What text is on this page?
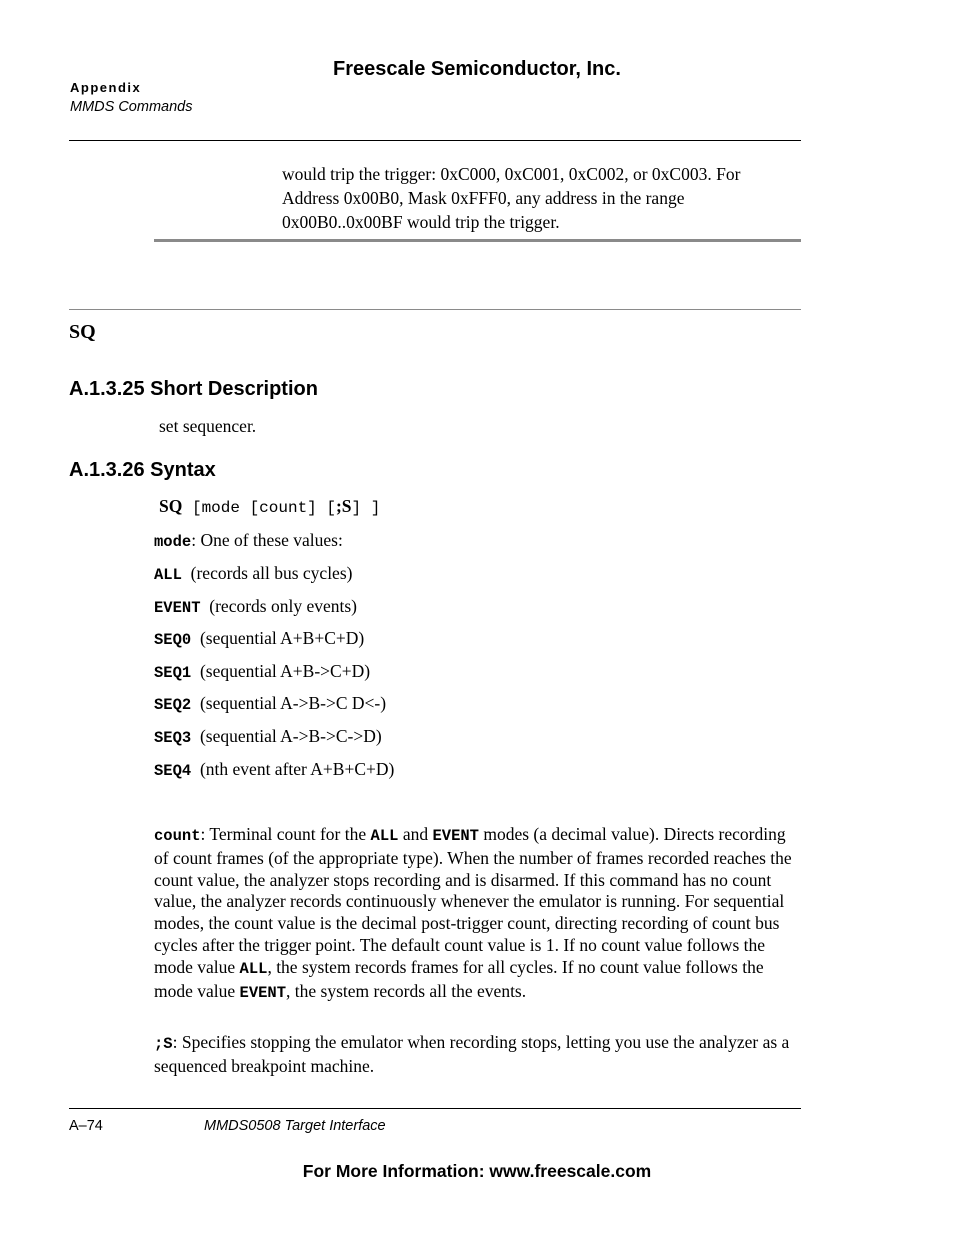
Freescale Semiconductor, Inc.
Appendix
MMDS Commands
would trip the trigger: 0xC000, 0xC001, 0xC002, or 0xC003. For
Address 0x00B0, Mask 0xFFF0, any address in the range
0x00B0..0x00BF would trip the trigger.
SQ
A.1.3.25 Short Description
set sequencer.
A.1.3.26 Syntax
SQ [mode [count] [;S] ]
mode: One of these values:
ALL  (records all bus cycles)
EVENT  (records only events)
SEQ0  (sequential A+B+C+D)
SEQ1  (sequential A+B->C+D)
SEQ2  (sequential A->B->C D<-)
SEQ3  (sequential A->B->C->D)
SEQ4  (nth event after A+B+C+D)
count: Terminal count for the ALL and EVENT modes (a decimal value). Directs recording of count frames (of the appropriate type). When the number of frames recorded reaches the count value, the analyzer stops recording and is disarmed. If this command has no count value, the analyzer records continuously whenever the emulator is running. For sequential modes, the count value is the decimal post-trigger count, directing recording of count bus cycles after the trigger point. The default count value is 1. If no count value follows the mode value ALL, the system records frames for all cycles. If no count value follows the mode value EVENT, the system records all the events.
;S: Specifies stopping the emulator when recording stops, letting you use the analyzer as a sequenced breakpoint machine.
A–74	MMDS0508 Target Interface
For More Information: www.freescale.com
